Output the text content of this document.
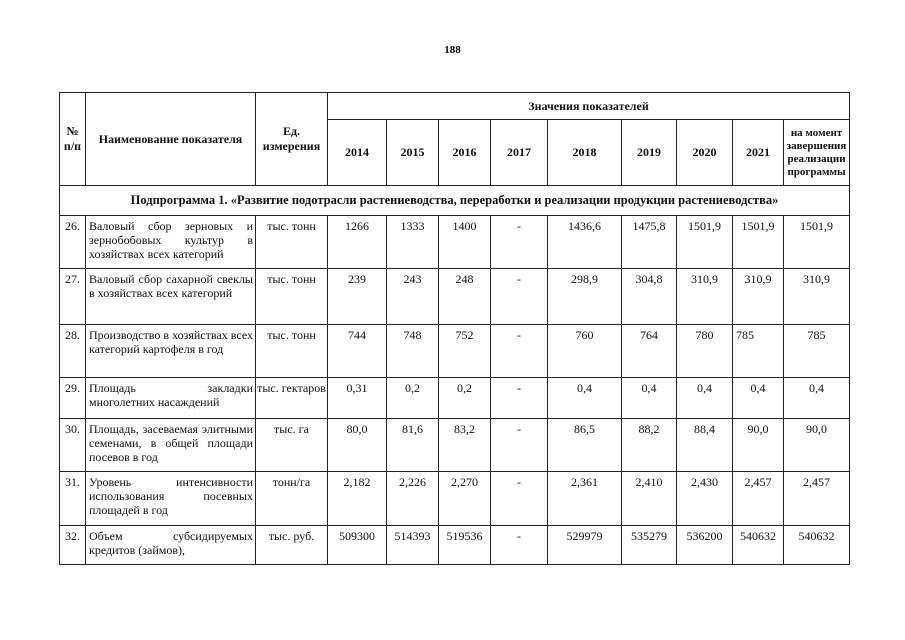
188
№ п/п	Наименование показателя	Ед. измерения	Значения показателей								
			2014	2015	2016	2017	2018	2019	2020	2021	на момент завершения реализации программы
Подпрограмма 1. «Развитие подотрасли растениеводства, переработки и реализации продукции растениеводства»											
26.	Валовый сбор зерновых и зернобобовых культур в хозяйствах всех категорий	тыс. тонн	1266	1333	1400	-	1436,6	1475,8	1501,9	1501,9	1501,9
27.	Валовый сбор сахарной свеклы в хозяйствах всех категорий	тыс. тонн	239	243	248	-	298,9	304,8	310,9	310,9	310,9
28.	Производство в хозяйствах всех категорий картофеля в год	тыс. тонн	744	748	752	-	760	764	780	785	785
29.	Площадь закладки многолетних насаждений	тыс. гектаров	0,31	0,2	0,2	-	0,4	0,4	0,4	0,4	0,4
30.	Площадь, засеваемая элитными семенами, в общей площади посевов в год	тыс. га	80,0	81,6	83,2	-	86,5	88,2	88,4	90,0	90,0
31.	Уровень интенсивности использования посевных площадей в год	тонн/га	2,182	2,226	2,270	-	2,361	2,410	2,430	2,457	2,457
32.	Объем субсидируемых кредитов (займов),	тыс. руб.	509300	514393	519536	-	529979	535279	536200	540632	540632
